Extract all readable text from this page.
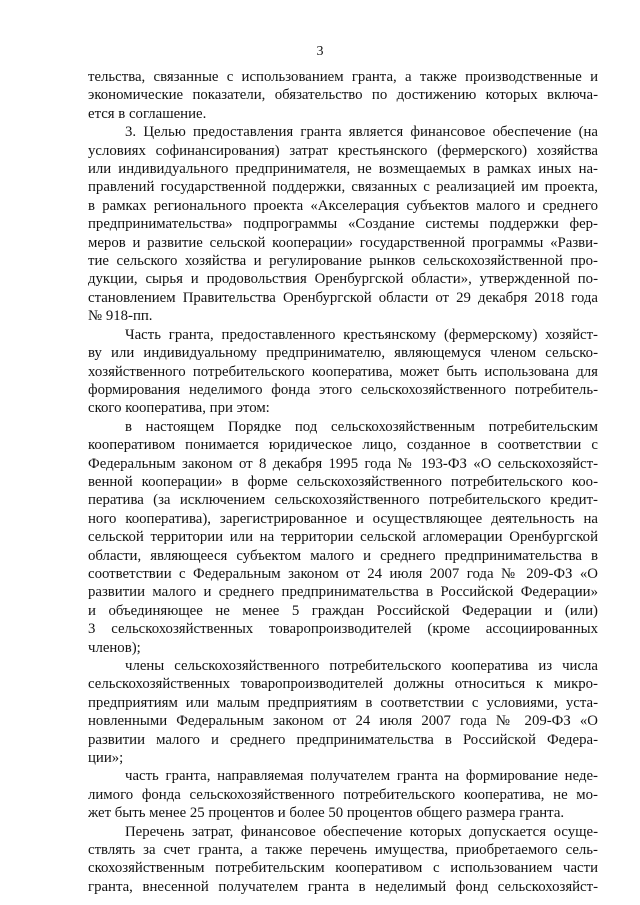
3
тельства, связанные с использованием гранта, а также производственные и
экономические показатели, обязательство по достижению которых включа-
ется в соглашение.
3. Целью предоставления гранта является финансовое обеспечение (на
условиях софинансирования) затрат крестьянского (фермерского) хозяйства
или индивидуального предпринимателя, не возмещаемых в рамках иных на-
правлений государственной поддержки, связанных с реализацией им проекта,
в рамках регионального проекта «Акселерация субъектов малого и среднего
предпринимательства» подпрограммы «Создание системы поддержки фер-
меров и развитие сельской кооперации» государственной программы «Разви-
тие сельского хозяйства и регулирование рынков сельскохозяйственной про-
дукции, сырья и продовольствия Оренбургской области», утвержденной по-
становлением Правительства Оренбургской области от 29 декабря 2018 года
№ 918-пп.
Часть гранта, предоставленного крестьянскому (фермерскому) хозяйст-
ву или индивидуальному предпринимателю, являющемуся членом сельско-
хозяйственного потребительского кооператива, может быть использована для
формирования неделимого фонда этого сельскохозяйственного потребитель-
ского кооператива, при этом:
в настоящем Порядке под сельскохозяйственным потребительским
кооперативом понимается юридическое лицо, созданное в соответствии с
Федеральным законом от 8 декабря 1995 года № 193-ФЗ «О сельскохозяйст-
венной кооперации» в форме сельскохозяйственного потребительского коо-
ператива (за исключением сельскохозяйственного потребительского кредит-
ного кооператива), зарегистрированное и осуществляющее деятельность на
сельской территории или на территории сельской агломерации Оренбургской
области, являющееся субъектом малого и среднего предпринимательства в
соответствии с Федеральным законом от 24 июля 2007 года № 209-ФЗ «О
развитии малого и среднего предпринимательства в Российской Федерации»
и объединяющее не менее 5 граждан Российской Федерации и (или)
3 сельскохозяйственных товаропроизводителей (кроме ассоциированных
членов);
члены сельскохозяйственного потребительского кооператива из числа
сельскохозяйственных товаропроизводителей должны относиться к микро-
предприятиям или малым предприятиям в соответствии с условиями, уста-
новленными Федеральным законом от 24 июля 2007 года № 209-ФЗ «О
развитии малого и среднего предпринимательства в Российской Федера-
ции»;
часть гранта, направляемая получателем гранта на формирование неде-
лимого фонда сельскохозяйственного потребительского кооператива, не мо-
жет быть менее 25 процентов и более 50 процентов общего размера гранта.
Перечень затрат, финансовое обеспечение которых допускается осуще-
ствлять за счет гранта, а также перечень имущества, приобретаемого сель-
скохозяйственным потребительским кооперативом с использованием части
гранта, внесенной получателем гранта в неделимый фонд сельскохозяйст-
